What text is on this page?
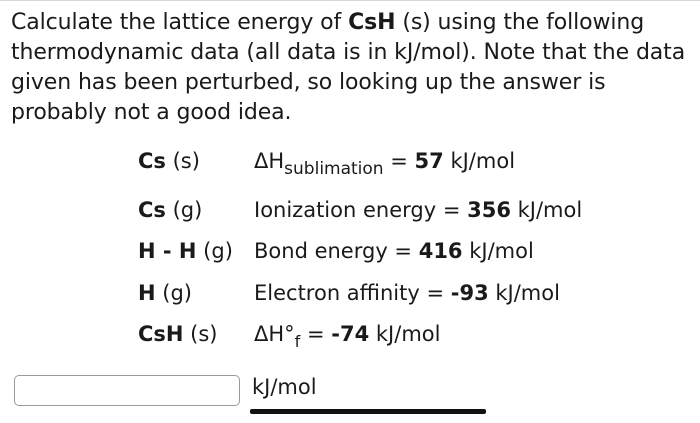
Calculate the lattice energy of CsH (s) using the following thermodynamic data (all data is in kJ/mol). Note that the data given has been perturbed, so looking up the answer is probably not a good idea.
Cs (s)	$\Delta H_{sublimation} = 57$ kJ/mol
Cs (g) Ionization energy = 356 kJ/mol
H - H (g) Bond energy = 416 kJ/mol
H (g)	Electron affinity = -93 kJ/mol
CsH (s) $\Delta H^\circ_f = -74$ kJ/mol
kJ/mol
